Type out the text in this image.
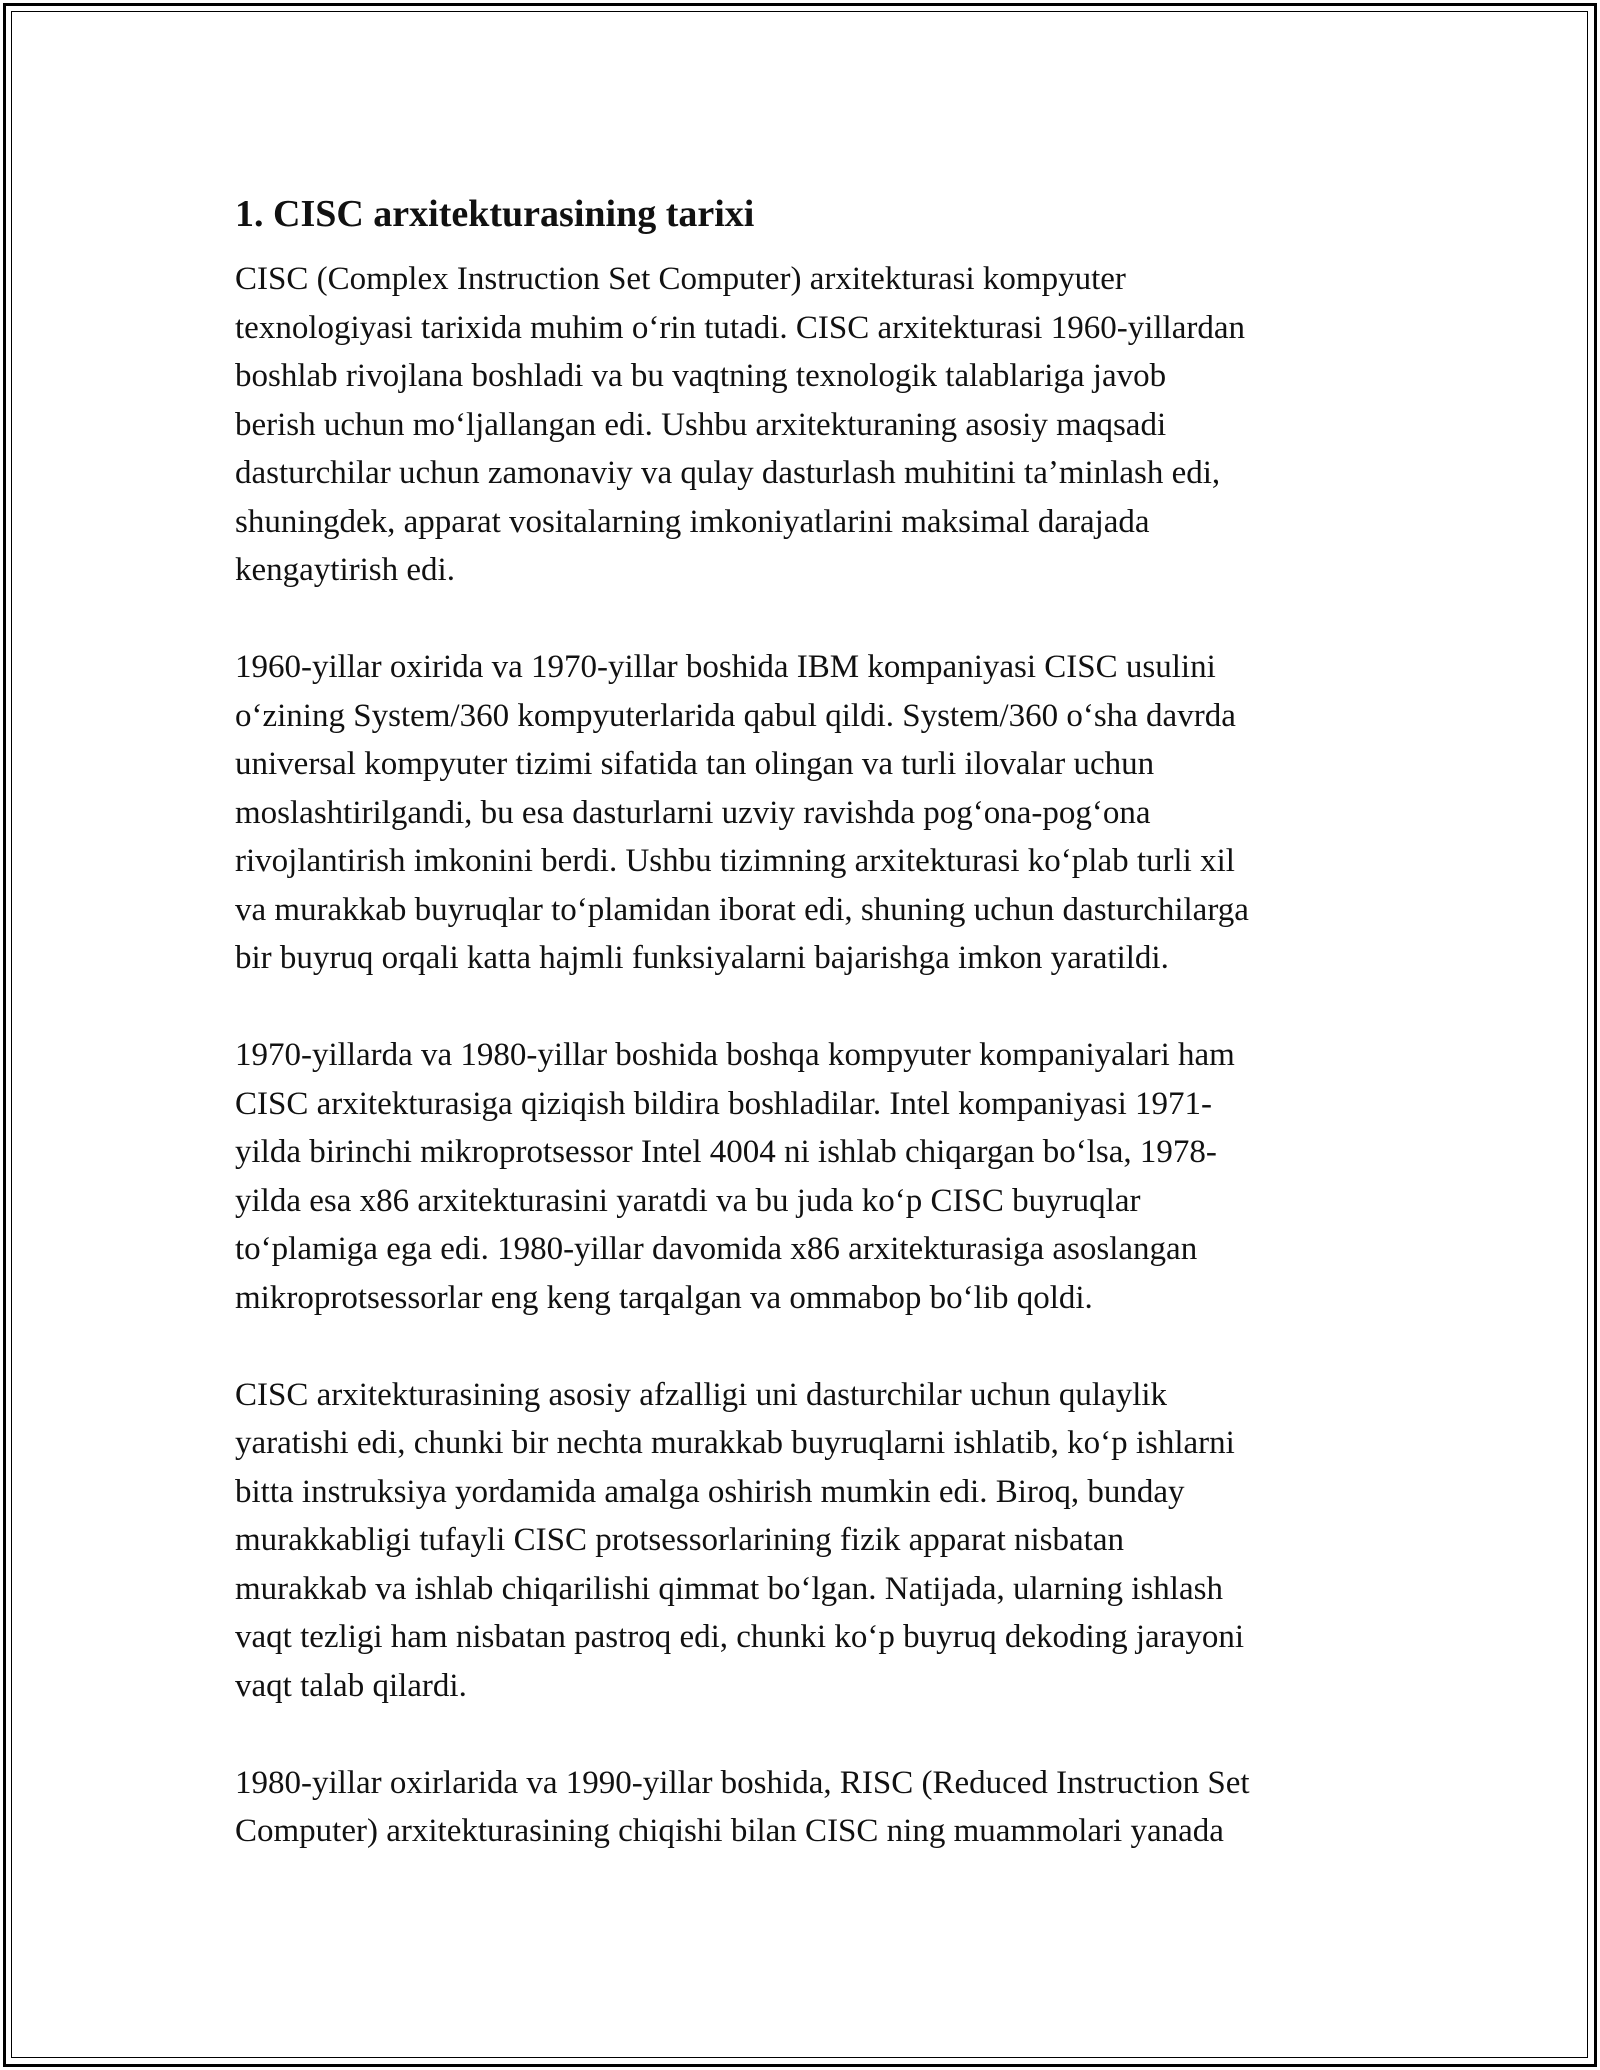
1. CISC arxitekturasining tarixi

CISC (Complex Instruction Set Computer) arxitekturasi kompyuter
texnologiyasi tarixida muhim oʻrin tutadi. CISC arxitekturasi 1960-yillardan
boshlab rivojlana boshladi va bu vaqtning texnologik talablariga javob
berish uchun moʻljallangan edi. Ushbu arxitekturaning asosiy maqsadi
dasturchilar uchun zamonaviy va qulay dasturlash muhitini taʼminlash edi,
shuningdek, apparat vositalarning imkoniyatlarini maksimal darajada
kengaytirish edi.

1960-yillar oxirida va 1970-yillar boshida IBM kompaniyasi CISC usulini
oʻzining System/360 kompyuterlarida qabul qildi. System/360 oʻsha davrda
universal kompyuter tizimi sifatida tan olingan va turli ilovalar uchun
moslashtirilgandi, bu esa dasturlarni uzviy ravishda pogʻona-pogʻona
rivojlantirish imkonini berdi. Ushbu tizimning arxitekturasi koʻplab turli xil
va murakkab buyruqlar toʻplamidan iborat edi, shuning uchun dasturchilarga
bir buyruq orqali katta hajmli funksiyalarni bajarishga imkon yaratildi.

1970-yillarda va 1980-yillar boshida boshqa kompyuter kompaniyalari ham
CISC arxitekturasiga qiziqish bildira boshladilar. Intel kompaniyasi 1971-
yilda birinchi mikroprotsessor Intel 4004 ni ishlab chiqargan boʻlsa, 1978-
yilda esa x86 arxitekturasini yaratdi va bu juda koʻp CISC buyruqlar
toʻplamiga ega edi. 1980-yillar davomida x86 arxitekturasiga asoslangan
mikroprotsessorlar eng keng tarqalgan va ommabop boʻlib qoldi.

CISC arxitekturasining asosiy afzalligi uni dasturchilar uchun qulaylik
yaratishi edi, chunki bir nechta murakkab buyruqlarni ishlatib, koʻp ishlarni
bitta instruksiya yordamida amalga oshirish mumkin edi. Biroq, bunday
murakkabligi tufayli CISC protsessorlarining fizik apparat nisbatan
murakkab va ishlab chiqarilishi qimmat boʻlgan. Natijada, ularning ishlash
vaqt tezligi ham nisbatan pastroq edi, chunki koʻp buyruq dekoding jarayoni
vaqt talab qilardi.

1980-yillar oxirlarida va 1990-yillar boshida, RISC (Reduced Instruction Set
Computer) arxitekturasining chiqishi bilan CISC ning muammolari yanada
